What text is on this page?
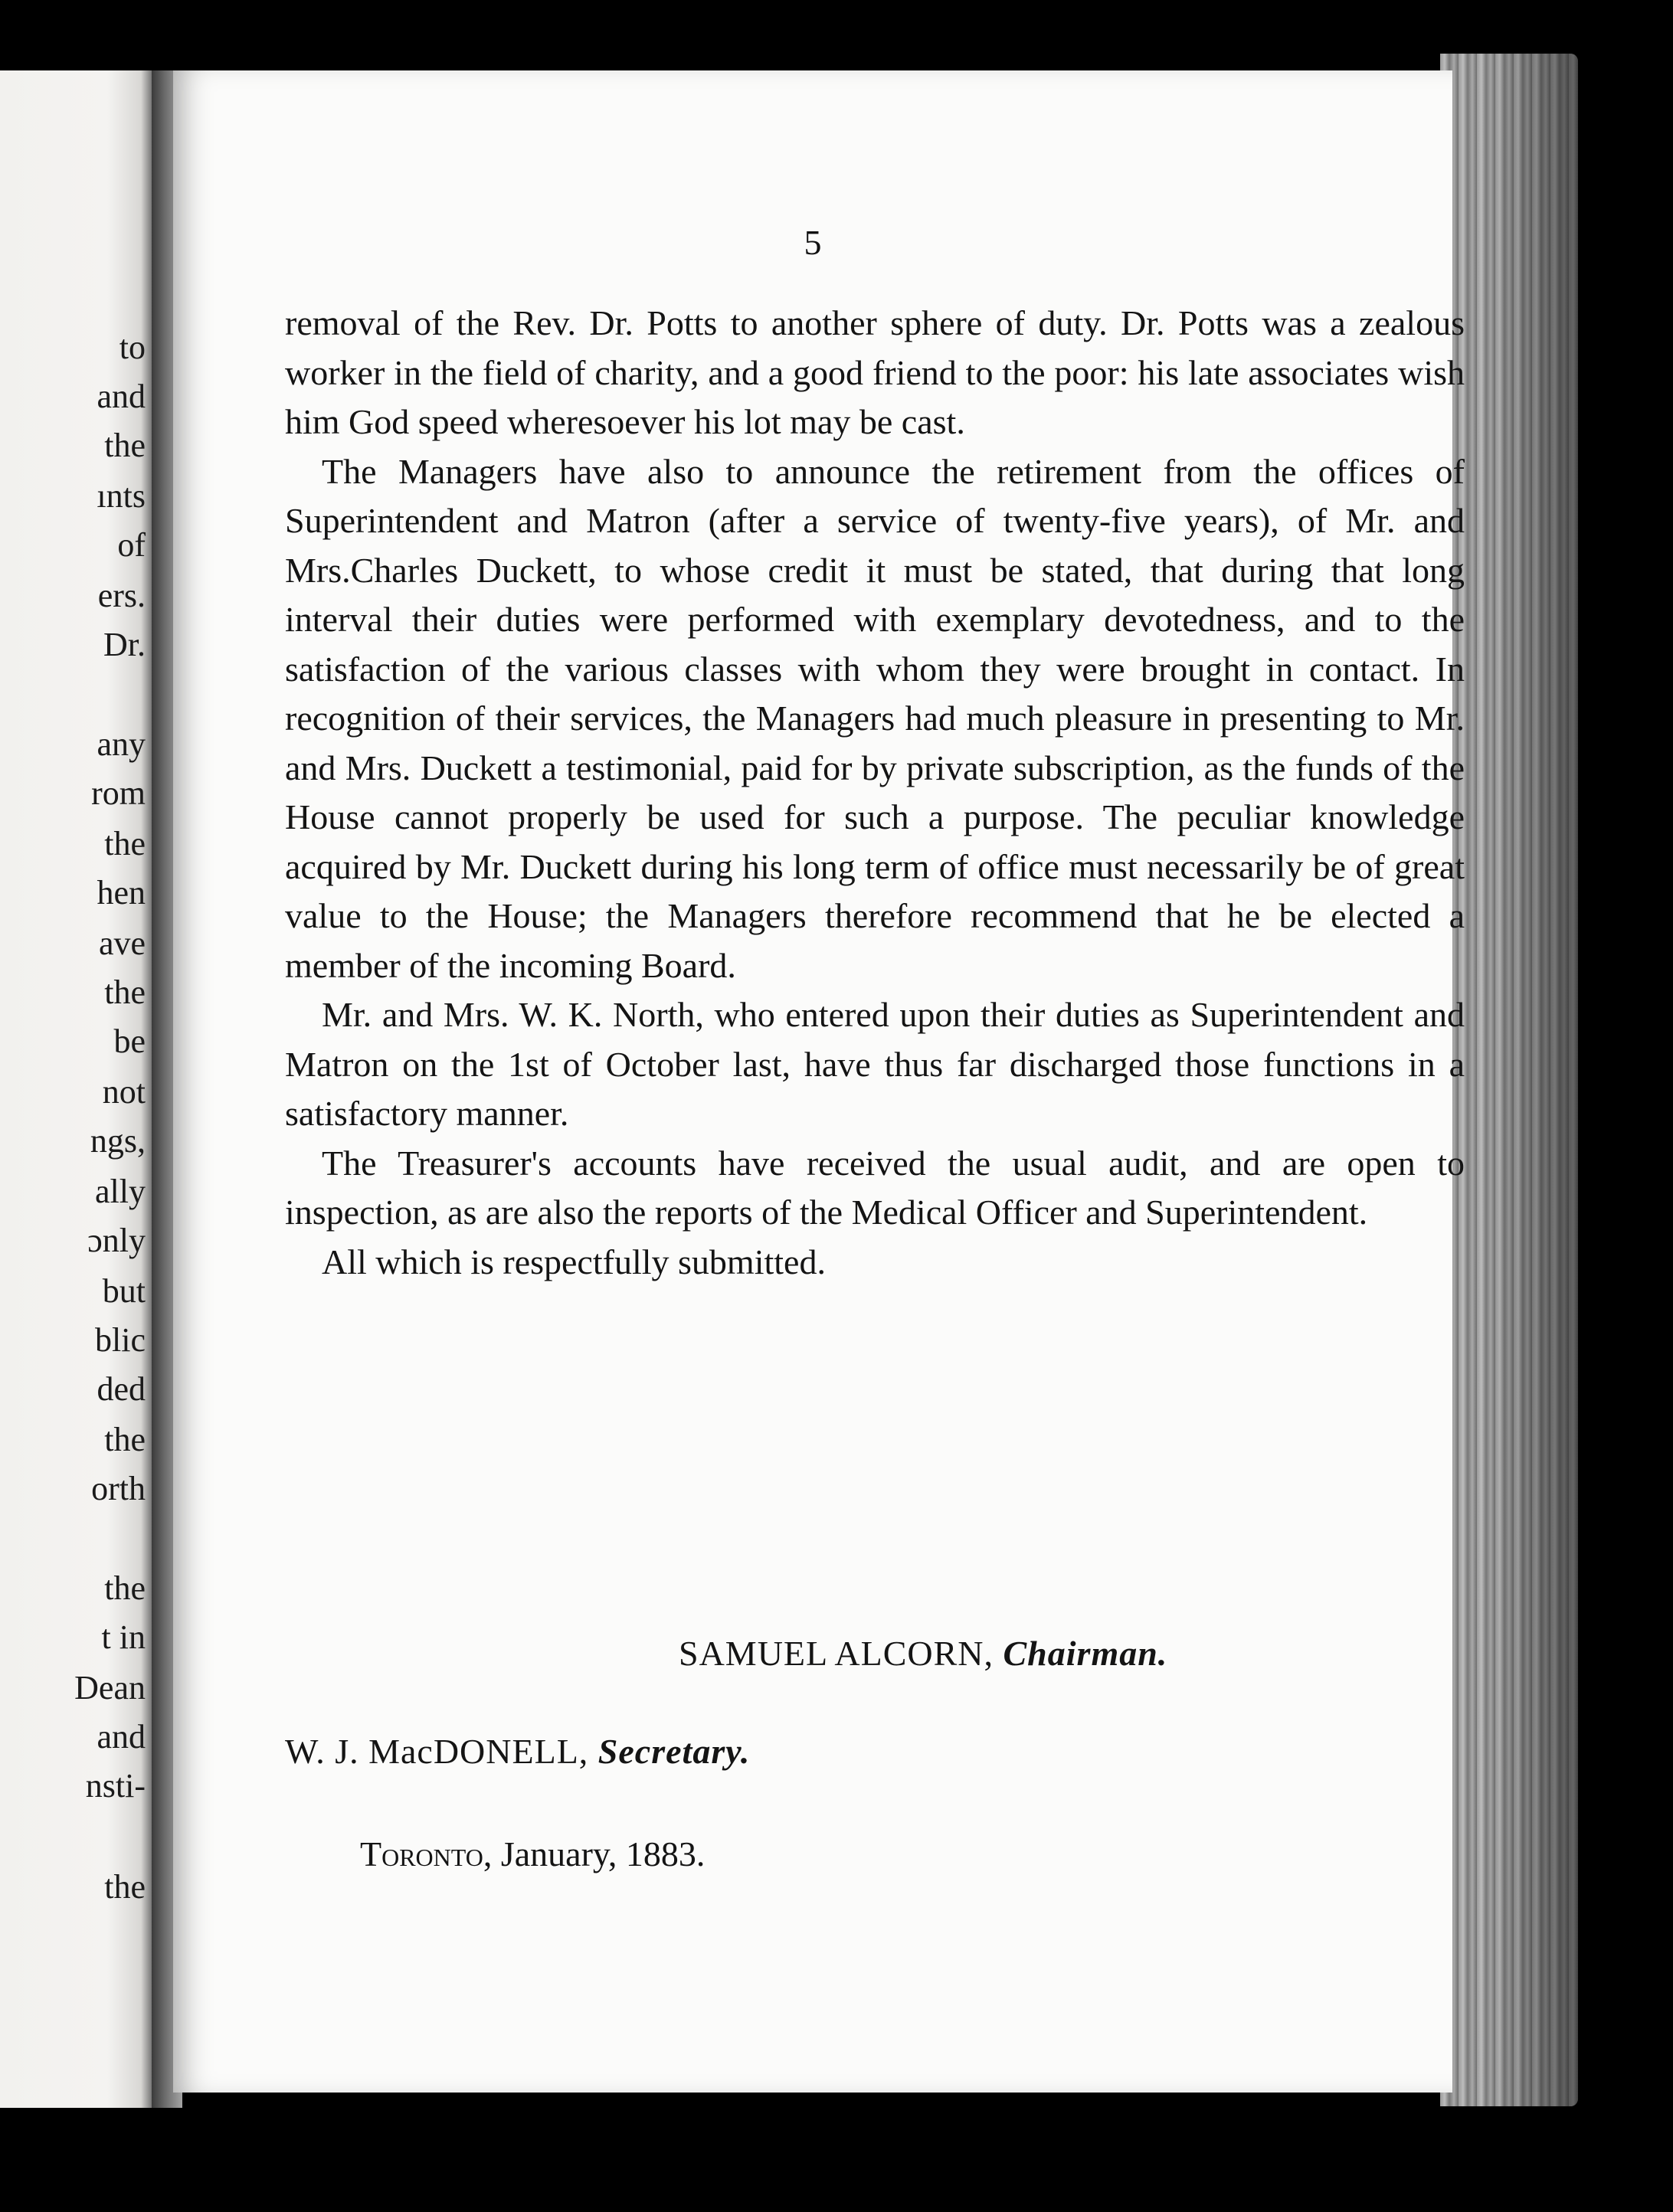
to
and
the
ınts
of
ers.
Dr.
any
rom
the
hen
ave
the
be
not
ngs,
ally
ɔnly
but
blic
ded
the
orth
the
t in
Dean
and
nsti-
the
5

removal of the Rev. Dr. Potts to another sphere of duty. Dr. Potts was a zealous worker in the field of charity, and a good friend to the poor: his late associates wish him God speed wheresoever his lot may be cast.

The Managers have also to announce the retirement from the offices of Superintendent and Matron (after a service of twenty-five years), of Mr. and Mrs.Charles Duckett, to whose credit it must be stated, that during that long interval their duties were performed with exemplary devotedness, and to the satisfaction of the various classes with whom they were brought in contact. In recognition of their services, the Managers had much pleasure in presenting to Mr. and Mrs. Duckett a testimonial, paid for by private subscription, as the funds of the House cannot properly be used for such a purpose. The peculiar knowledge acquired by Mr. Duckett during his long term of office must necessarily be of great value to the House; the Managers therefore recommend that he be elected a member of the incoming Board.

Mr. and Mrs. W. K. North, who entered upon their duties as Superintendent and Matron on the 1st of October last, have thus far discharged those functions in a satisfactory manner.

The Treasurer's accounts have received the usual audit, and are open to inspection, as are also the reports of the Medical Officer and Superintendent.

All which is respectfully submitted.

SAMUEL ALCORN, Chairman.
W. J. MacDONELL, Secretary.
Toronto, January, 1883.
